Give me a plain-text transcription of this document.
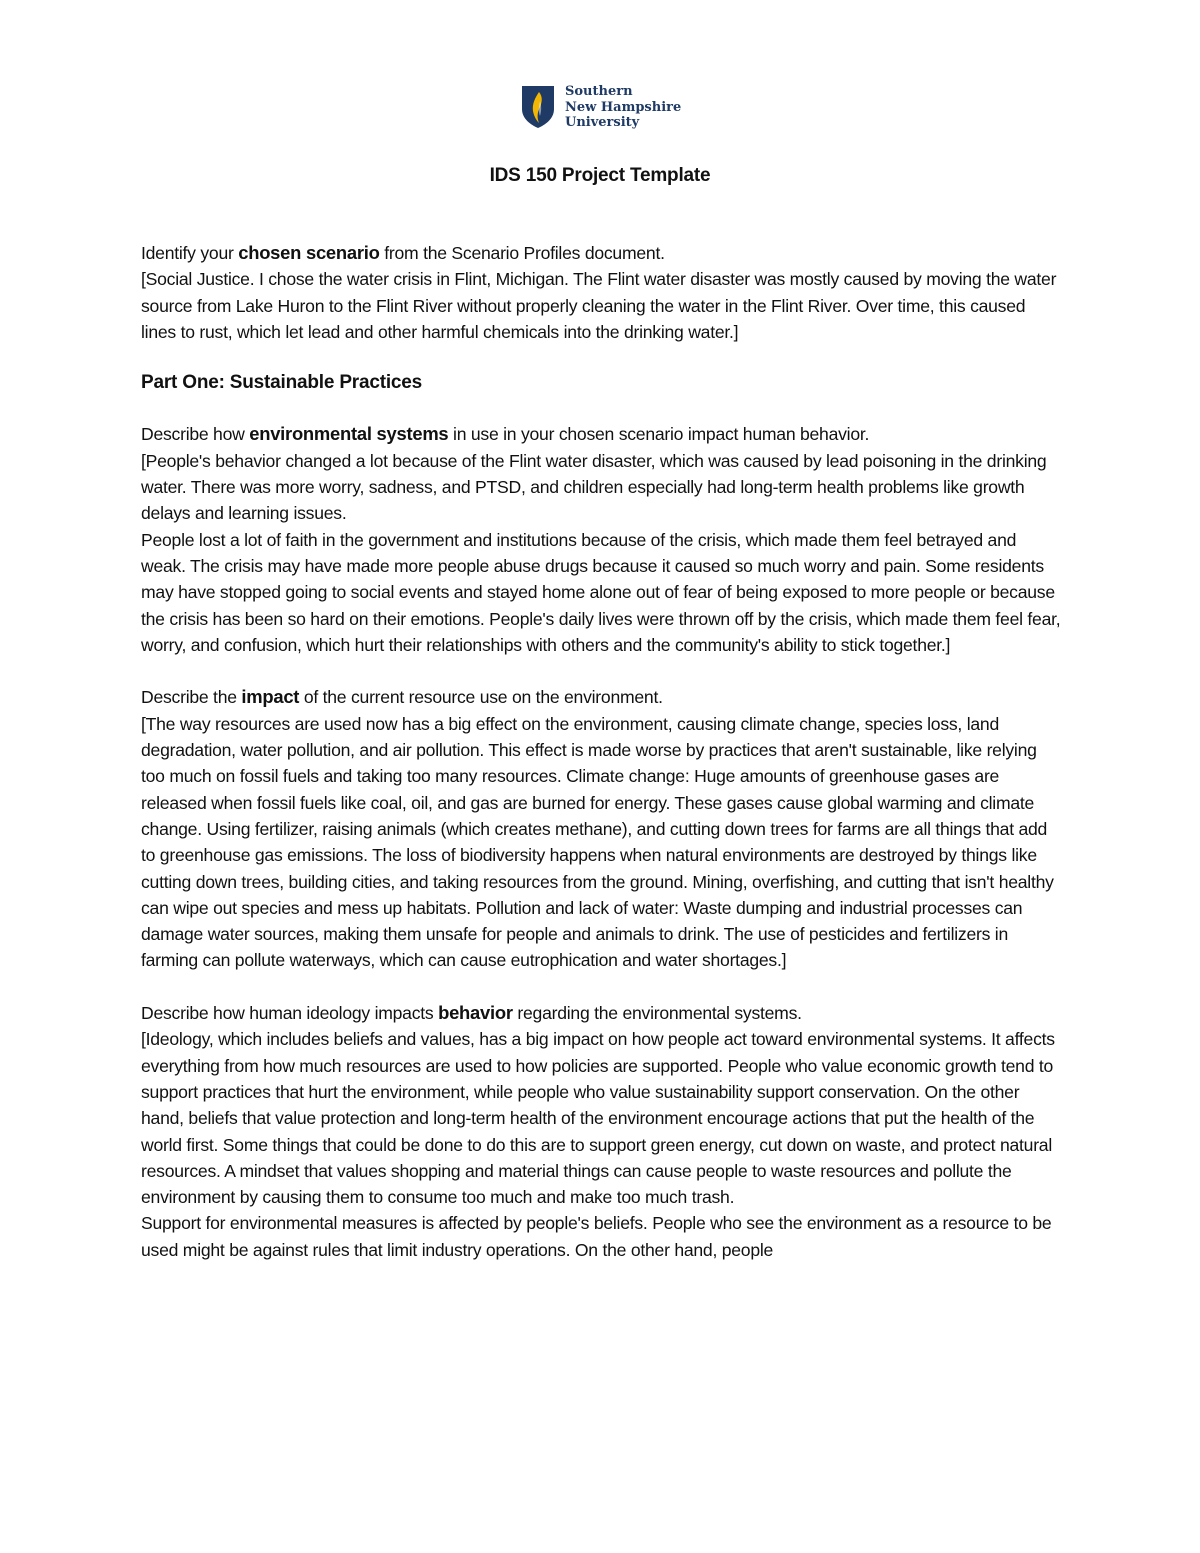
Southern
New Hampshire
University
IDS 150 Project Template

Identify your chosen scenario from the Scenario Profiles document.

[Social Justice. I chose the water crisis in Flint, Michigan. The Flint water disaster was mostly caused by moving the water source from Lake Huron to the Flint River without properly cleaning the water in the Flint River. Over time, this caused lines to rust, which let lead and other harmful chemicals into the drinking water.]

Part One: Sustainable Practices

Describe how environmental systems in use in your chosen scenario impact human behavior.

[People's behavior changed a lot because of the Flint water disaster, which was caused by lead poisoning in the drinking water. There was more worry, sadness, and PTSD, and children especially had long-term health problems like growth delays and learning issues.

People lost a lot of faith in the government and institutions because of the crisis, which made them feel betrayed and weak. The crisis may have made more people abuse drugs because it caused so much worry and pain. Some residents may have stopped going to social events and stayed home alone out of fear of being exposed to more people or because the crisis has been so hard on their emotions. People's daily lives were thrown off by the crisis, which made them feel fear, worry, and confusion, which hurt their relationships with others and the community's ability to stick together.]

Describe the impact of the current resource use on the environment.

[The way resources are used now has a big effect on the environment, causing climate change, species loss, land degradation, water pollution, and air pollution. This effect is made worse by practices that aren't sustainable, like relying too much on fossil fuels and taking too many resources. Climate change: Huge amounts of greenhouse gases are released when fossil fuels like coal, oil, and gas are burned for energy. These gases cause global warming and climate change. Using fertilizer, raising animals (which creates methane), and cutting down trees for farms are all things that add to greenhouse gas emissions. The loss of biodiversity happens when natural environments are destroyed by things like cutting down trees, building cities, and taking resources from the ground. Mining, overfishing, and cutting that isn't healthy can wipe out species and mess up habitats. Pollution and lack of water: Waste dumping and industrial processes can damage water sources, making them unsafe for people and animals to drink. The use of pesticides and fertilizers in farming can pollute waterways, which can cause eutrophication and water shortages.]

Describe how human ideology impacts behavior regarding the environmental systems.

[Ideology, which includes beliefs and values, has a big impact on how people act toward environmental systems. It affects everything from how much resources are used to how policies are supported. People who value economic growth tend to support practices that hurt the environment, while people who value sustainability support conservation. On the other hand, beliefs that value protection and long-term health of the environment encourage actions that put the health of the world first. Some things that could be done to do this are to support green energy, cut down on waste, and protect natural resources. A mindset that values shopping and material things can cause people to waste resources and pollute the environment by causing them to consume too much and make too much trash.

Support for environmental measures is affected by people's beliefs. People who see the environment as a resource to be used might be against rules that limit industry operations. On the other hand, people
